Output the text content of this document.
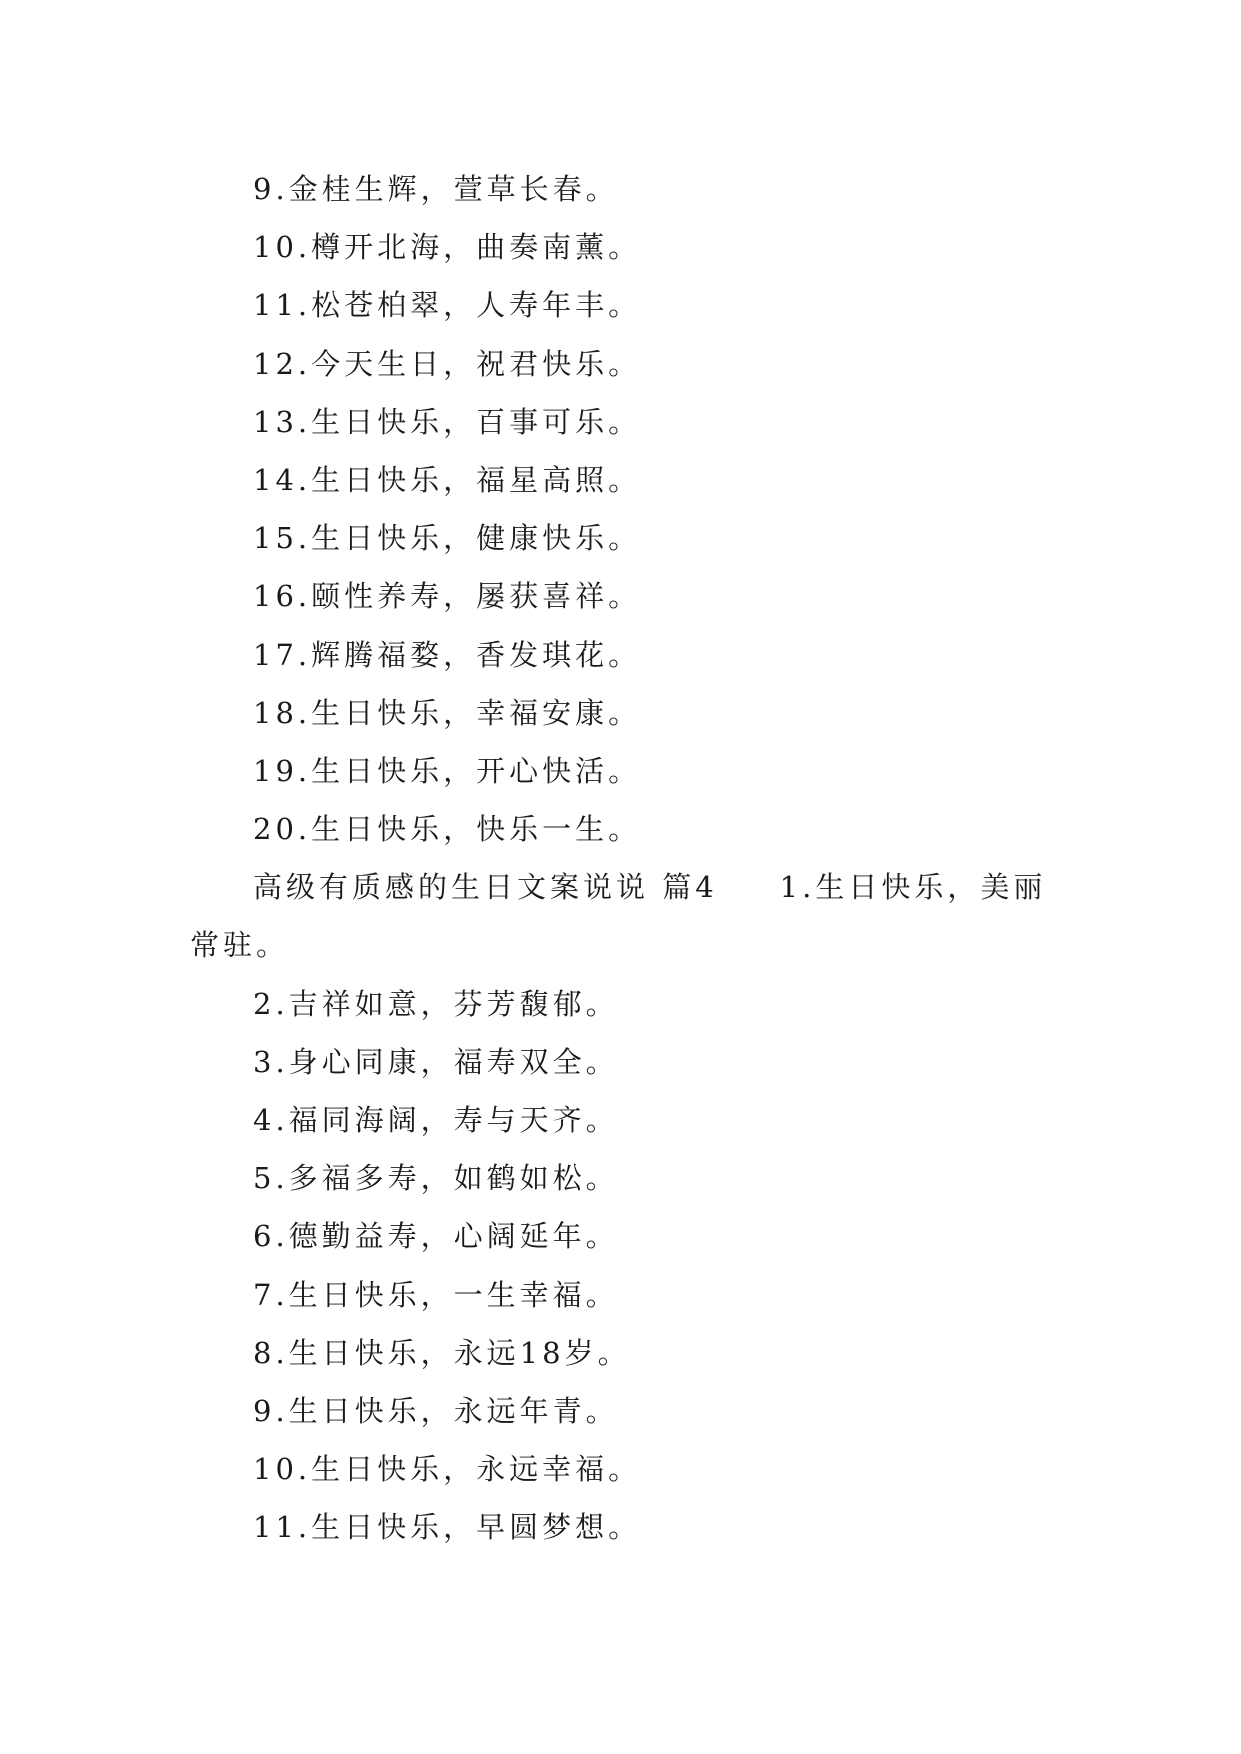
9.金桂生辉，萱草长春。
10.樽开北海，曲奏南薰。
11.松苍柏翠，人寿年丰。
12.今天生日，祝君快乐。
13.生日快乐，百事可乐。
14.生日快乐，福星高照。
15.生日快乐，健康快乐。
16.颐性养寿，屡获喜祥。
17.辉腾福婺，香发琪花。
18.生日快乐，幸福安康。
19.生日快乐，开心快活。
20.生日快乐，快乐一生。
高级有质感的生日文案说说 篇4 1.生日快乐，美丽常驻。
2.吉祥如意，芬芳馥郁。
3.身心同康，福寿双全。
4.福同海阔，寿与天齐。
5.多福多寿，如鹤如松。
6.德勤益寿，心阔延年。
7.生日快乐，一生幸福。
8.生日快乐，永远18岁。
9.生日快乐，永远年青。
10.生日快乐，永远幸福。
11.生日快乐，早圆梦想。
